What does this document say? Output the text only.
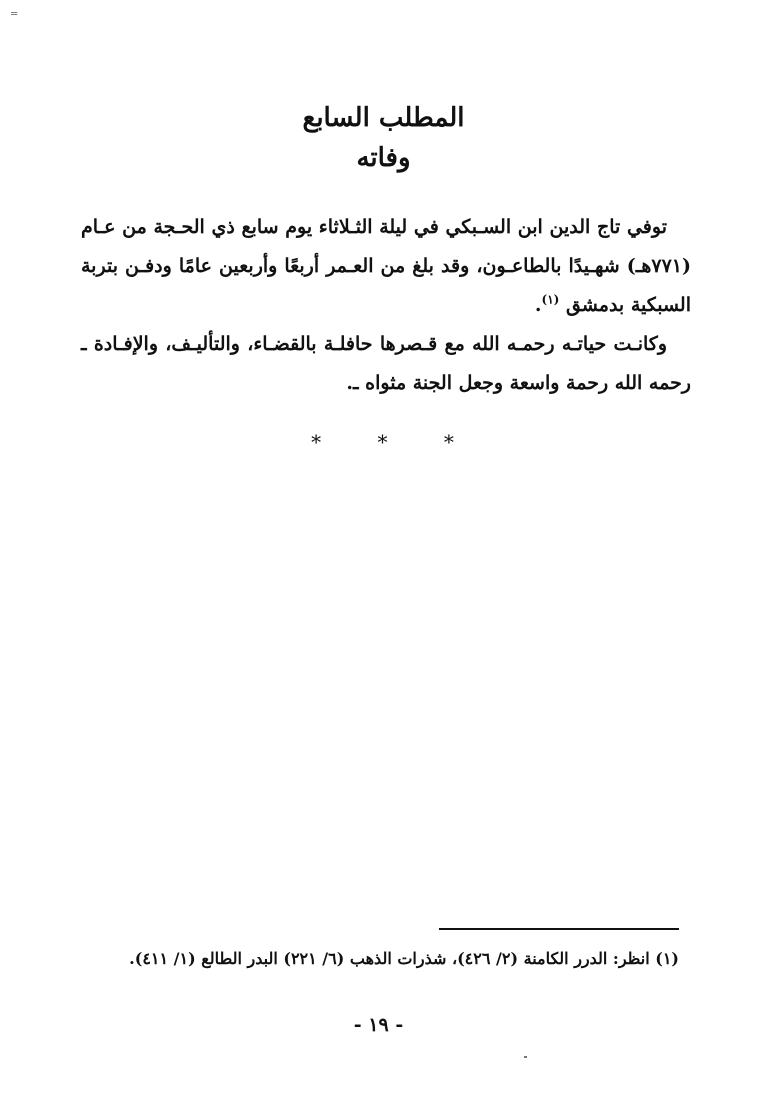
=
المطلب السابع
وفاته

توفي تاج الدين ابن السـبكي في ليلة الثـلاثاء يوم سابع ذي الحـجة من عـام (٧٧١هـ) شهـيدًا بالطاعـون، وقد بلغ من العـمر أربعًا وأربعين عامًا ودفـن بتربة السبكية بدمشق $^{(١)}$.

وكانـت حياتـه رحمـه الله مع قـصرها حافلـة بالقضـاء، والتأليـف، والإفـادة ـ رحمه الله رحمة واسعة وجعل الجنة مثواه ـ.

*	*	*
(١) انظر: الدرر الكامنة (٢/ ٤٢٦)، شذرات الذهب (٦/ ٢٢١) البدر الطالع (١/ ٤١١).
- ١٩ -
